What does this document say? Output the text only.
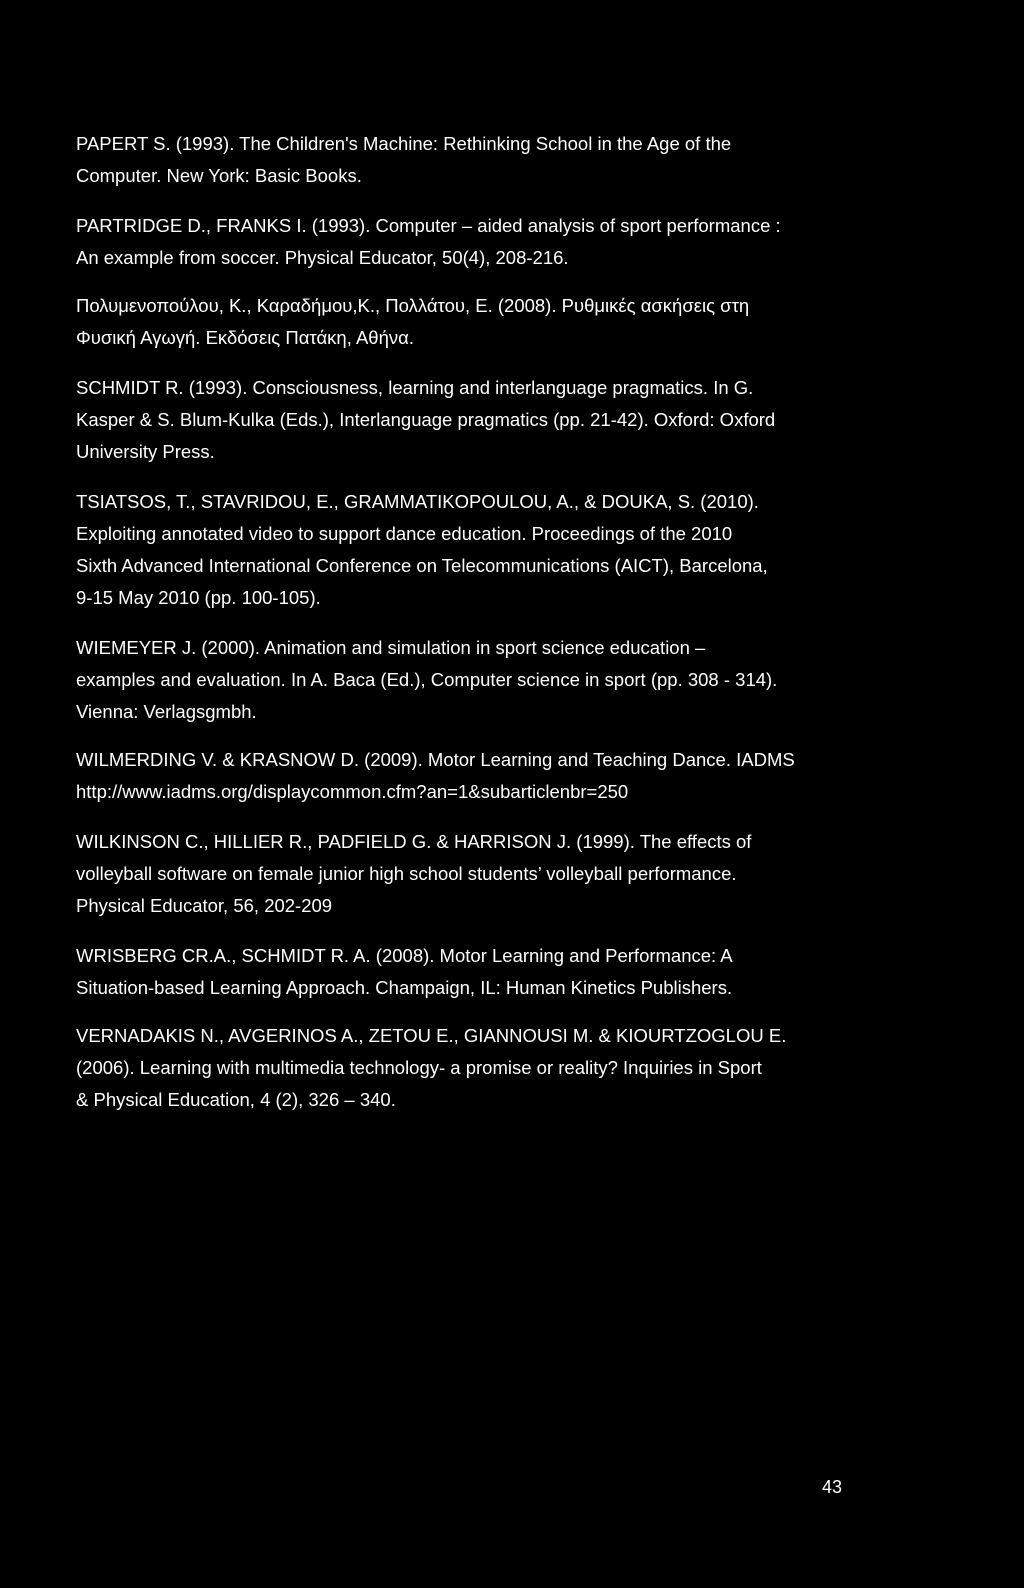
PAPERT S. (1993). The Children's Machine: Rethinking School in the Age of the
Computer. New York: Basic Books.
PARTRIDGE D., FRANKS I. (1993). Computer – aided analysis of sport performance :
An example from soccer. Physical Educator, 50(4), 208-216.
Πολυμενοπούλου, Κ., Καραδήμου,Κ., Πολλάτου, Ε. (2008). Ρυθμικές ασκήσεις στη
Φυσική Αγωγή. Εκδόσεις Πατάκη, Αθήνα.
SCHMIDT R. (1993). Consciousness, learning and interlanguage pragmatics. In G.
Kasper & S. Blum-Kulka (Eds.), Interlanguage pragmatics (pp. 21-42). Oxford: Oxford
University Press.
TSIATSOS, T., STAVRIDOU, E., GRAMMATIKOPOULOU, A., & DOUKA, S. (2010).
Exploiting annotated video to support dance education. Proceedings of the 2010
Sixth Advanced International Conference on Telecommunications (AICT), Barcelona,
9-15 May 2010 (pp. 100-105).
WIEMEYER J. (2000). Animation and simulation in sport science education –
examples and evaluation. In A. Baca (Ed.), Computer science in sport (pp. 308 - 314).
Vienna: Verlagsgmbh.
WILMERDING V. & KRASNOW D. (2009). Motor Learning and Teaching Dance. IADMS
http://www.iadms.org/displaycommon.cfm?an=1&subarticlenbr=250
WILKINSON C., HILLIER R., PADFIELD G. & HARRISON J. (1999). The effects of
volleyball software on female junior high school students’ volleyball performance.
Physical Educator, 56, 202-209
WRISBERG CR.A., SCHMIDT R. A. (2008). Motor Learning and Performance: A
Situation-based Learning Approach. Champaign, IL: Human Kinetics Publishers.
VERNADAKIS N., AVGERINOS A., ZETOU E., GIANNOUSI M. & KIOURTZOGLOU E.
(2006). Learning with multimedia technology- a promise or reality? Inquiries in Sport
& Physical Education, 4 (2), 326 – 340.
43
